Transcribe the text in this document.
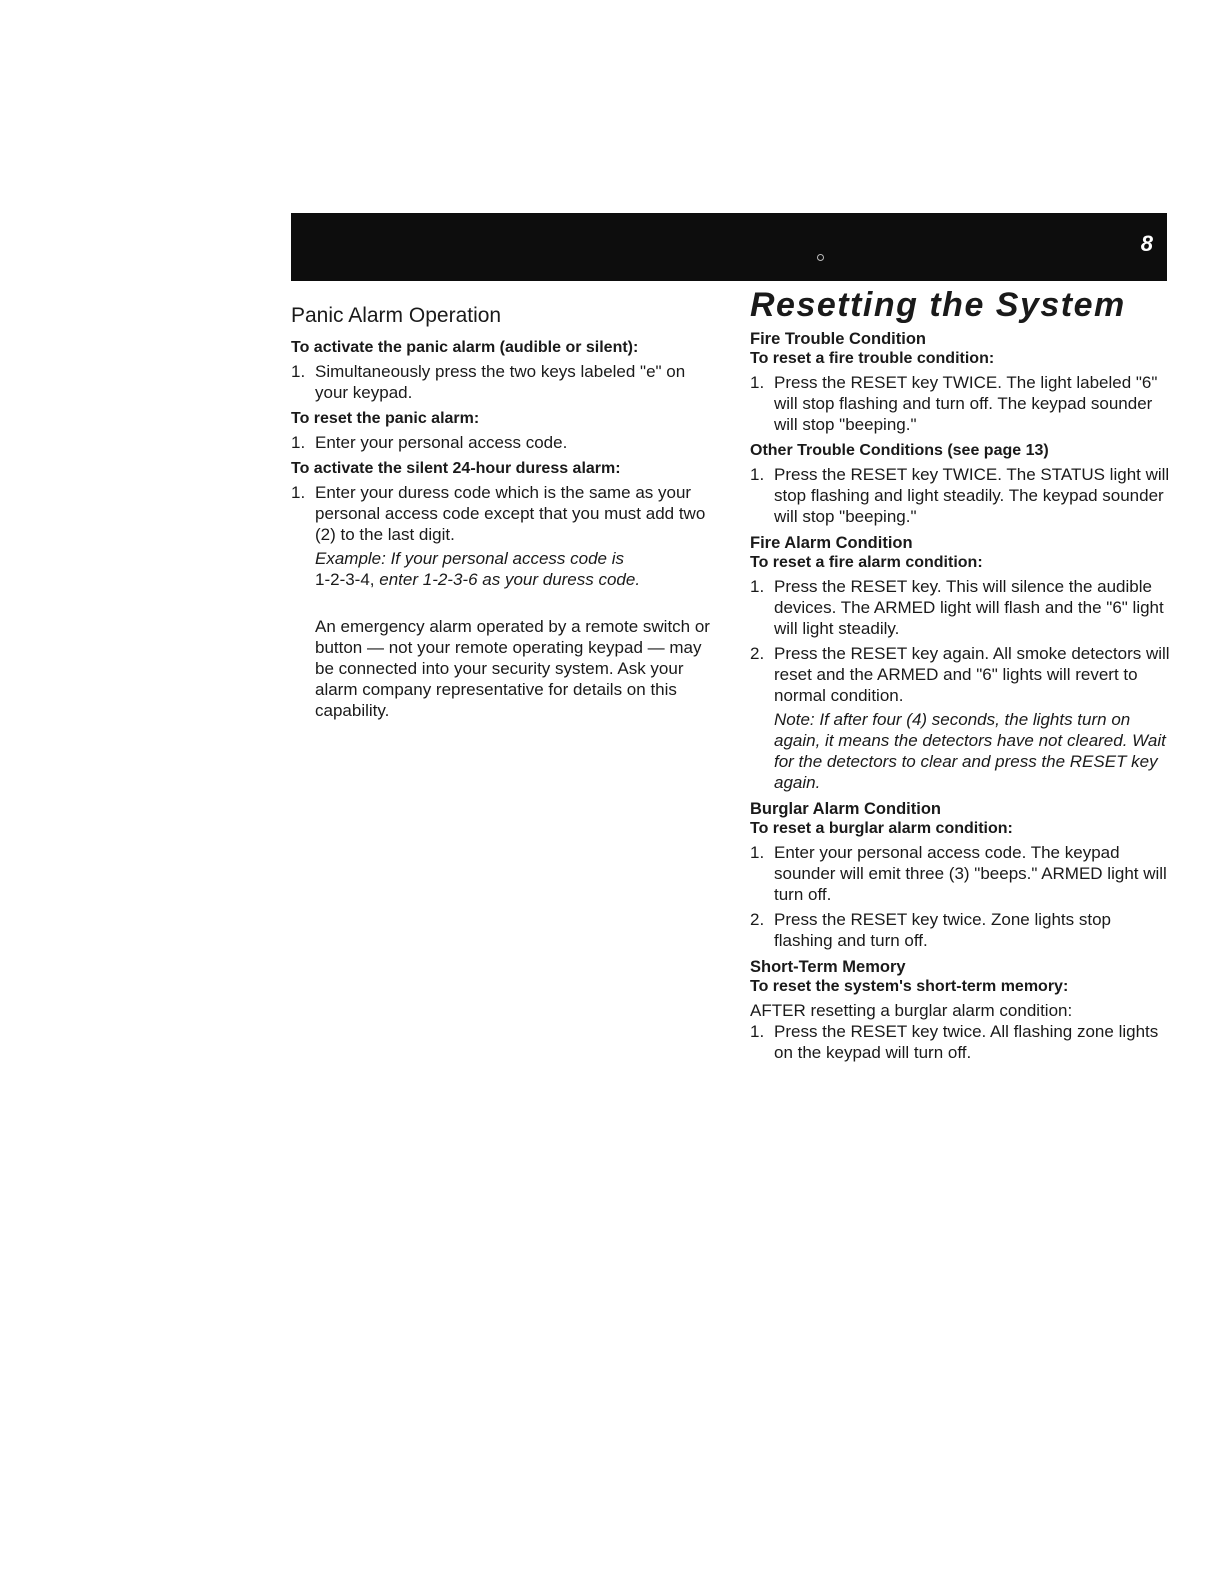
8
Panic Alarm Operation
To activate the panic alarm (audible or silent):
1. Simultaneously press the two keys labeled "e" on your keypad.
To reset the panic alarm:
1. Enter your personal access code.
To activate the silent 24-hour duress alarm:
1. Enter your duress code which is the same as your personal access code except that you must add two (2) to the last digit.
Example: If your personal access code is
1-2-3-4, enter 1-2-3-6 as your duress code.
An emergency alarm operated by a remote switch or button — not your remote operating keypad — may be connected into your security system. Ask your alarm company representative for details on this capability.
Resetting the System
Fire Trouble Condition
To reset a fire trouble condition:
1. Press the RESET key TWICE. The light labeled "6" will stop flashing and turn off. The keypad sounder will stop "beeping."
Other Trouble Conditions (see page 13)
1. Press the RESET key TWICE. The STATUS light will stop flashing and light steadily. The keypad sounder will stop "beeping."
Fire Alarm Condition
To reset a fire alarm condition:
1. Press the RESET key. This will silence the audible devices. The ARMED light will flash and the "6" light will light steadily.
2. Press the RESET key again. All smoke detectors will reset and the ARMED and "6" lights will revert to normal condition.
Note: If after four (4) seconds, the lights turn on again, it means the detectors have not cleared. Wait for the detectors to clear and press the RESET key again.
Burglar Alarm Condition
To reset a burglar alarm condition:
1. Enter your personal access code. The keypad sounder will emit three (3) "beeps." ARMED light will turn off.
2. Press the RESET key twice. Zone lights stop flashing and turn off.
Short-Term Memory
To reset the system's short-term memory:
AFTER resetting a burglar alarm condition:
1. Press the RESET key twice. All flashing zone lights on the keypad will turn off.
